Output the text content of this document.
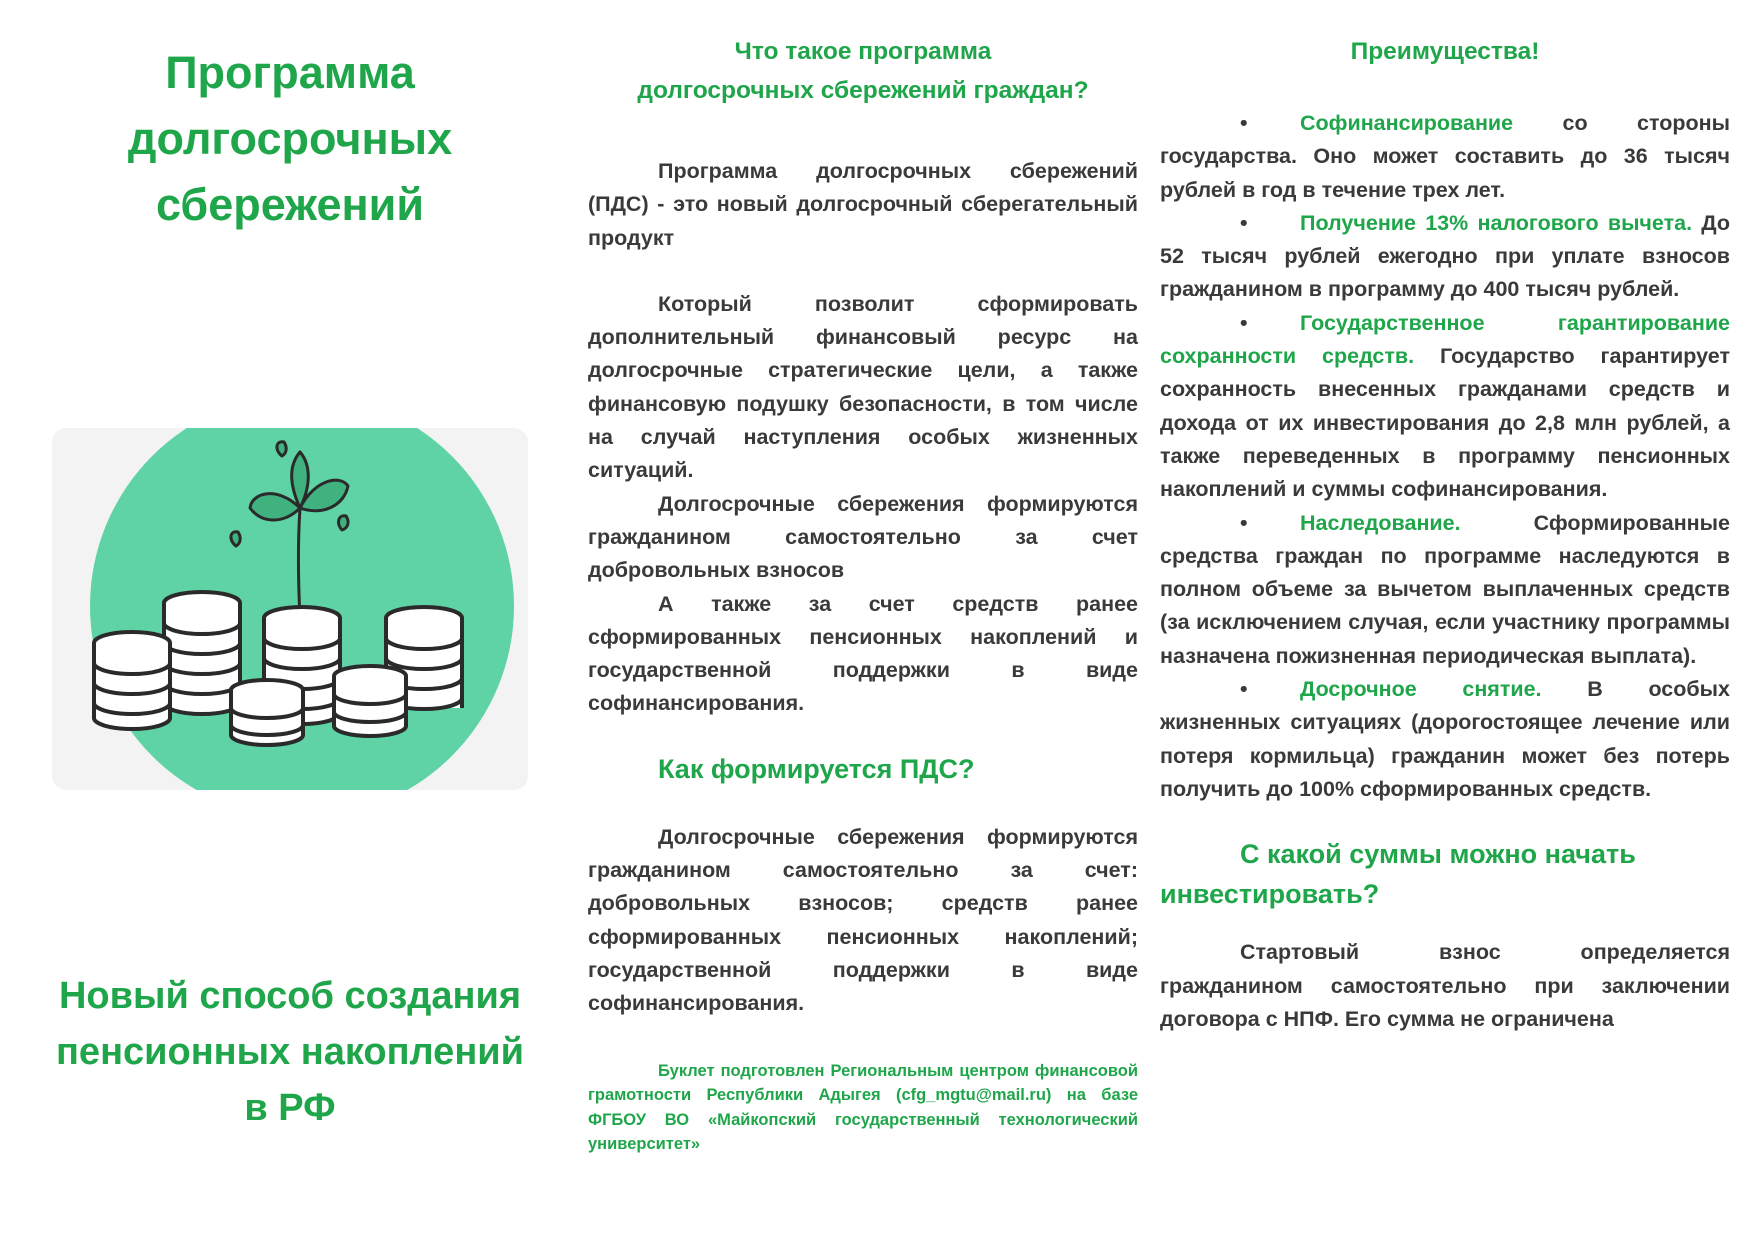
Программа
долгосрочных
сбережений
Новый способ создания
пенсионных накоплений
в РФ
Что такое программа
долгосрочных сбережений граждан?

Программа долгосрочных сбережений (ПДС) - это новый долгосрочный сберегательный продукт

Который позволит сформировать дополнительный финансовый ресурс на долгосрочные стратегические цели, а также финансовую подушку безопасности, в том числе на случай наступления особых жизненных ситуаций.

Долгосрочные сбережения формируются гражданином самостоятельно за счет добровольных взносов

А также за счет средств ранее сформированных пенсионных накоплений и государственной поддержки в виде софинансирования.

Как формируется ПДС?

Долгосрочные сбережения формируются гражданином самостоятельно за счет: добровольных взносов; средств ранее сформированных пенсионных накоплений; государственной поддержки в виде софинансирования.

Буклет подготовлен Региональным центром финансовой грамотности Республики Адыгея (cfg_mgtu@mail.ru) на базе ФГБОУ ВО «Майкопский государственный технологический университет»

Преимущества!

• Софинансирование со стороны государства. Оно может составить до 36 тысяч рублей в год в течение трех лет.

• Получение 13% налогового вычета. До 52 тысяч рублей ежегодно при уплате взносов гражданином в программу до 400 тысяч рублей.

• Государственное гарантирование сохранности средств. Государство гарантирует сохранность внесенных гражданами средств и дохода от их инвестирования до 2,8 млн рублей, а также переведенных в программу пенсионных накоплений и суммы софинансирования.

• Наследование. Сформированные средства граждан по программе наследуются в полном объеме за вычетом выплаченных средств (за исключением случая, если участнику программы назначена пожизненная периодическая выплата).

• Досрочное снятие. В особых жизненных ситуациях (дорогостоящее лечение или потеря кормильца) гражданин может без потерь получить до 100% сформированных средств.

С какой суммы можно начать инвестировать?

Стартовый взнос определяется гражданином самостоятельно при заключении договора с НПФ. Его сумма не ограничена
